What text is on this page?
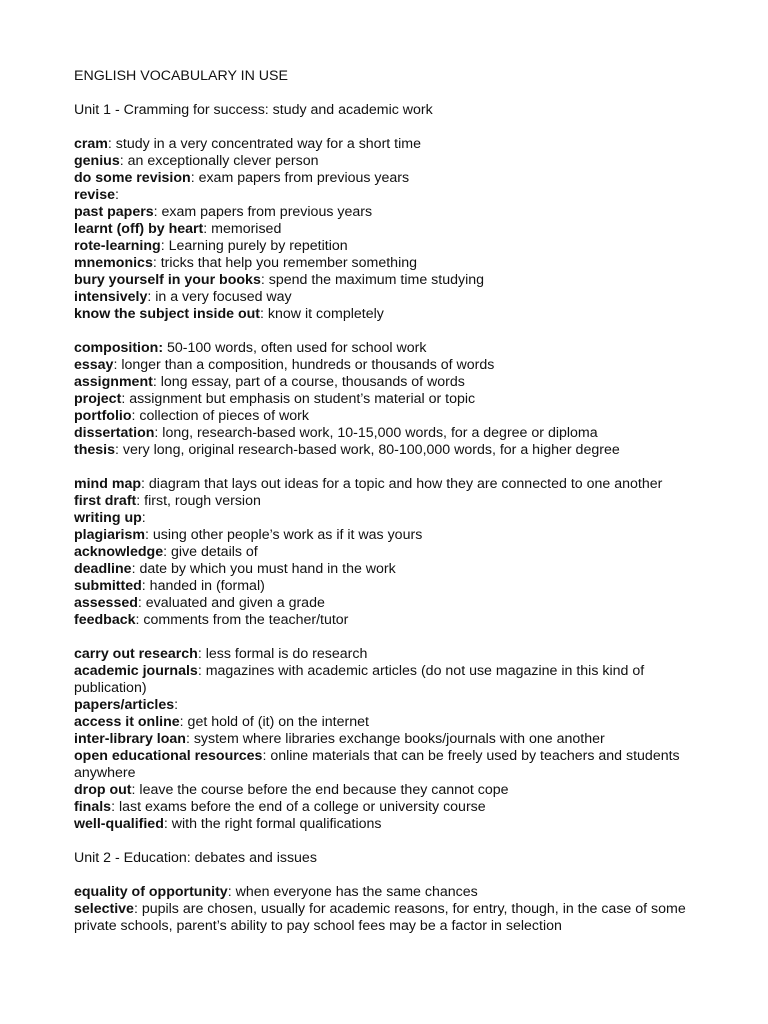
ENGLISH VOCABULARY IN USE
Unit 1 - Cramming for success: study and academic work

cram: study in a very concentrated way for a short time

genius: an exceptionally clever person

do some revision: exam papers from previous years

revise:

past papers: exam papers from previous years

learnt (off) by heart: memorised

rote-learning: Learning purely by repetition

mnemonics: tricks that help you remember something

bury yourself in your books: spend the maximum time studying

intensively: in a very focused way

know the subject inside out: know it completely

composition: 50-100 words, often used for school work

essay: longer than a composition, hundreds or thousands of words

assignment: long essay, part of a course, thousands of words

project: assignment but emphasis on student’s material or topic

portfolio: collection of pieces of work

dissertation: long, research-based work, 10-15,000 words, for a degree or diploma

thesis: very long, original research-based work, 80-100,000 words, for a higher degree

mind map: diagram that lays out ideas for a topic and how they are connected to one another

first draft: first, rough version

writing up:

plagiarism: using other people’s work as if it was yours

acknowledge: give details of

deadline: date by which you must hand in the work

submitted: handed in (formal)

assessed: evaluated and given a grade

feedback: comments from the teacher/tutor

carry out research: less formal is do research

academic journals: magazines with academic articles (do not use magazine in this kind of publication)

papers/articles:

access it online: get hold of (it) on the internet

inter-library loan: system where libraries exchange books/journals with one another

open educational resources: online materials that can be freely used by teachers and students anywhere

drop out: leave the course before the end because they cannot cope

finals: last exams before the end of a college or university course

well-qualified: with the right formal qualifications

Unit 2 - Education: debates and issues

equality of opportunity: when everyone has the same chances

selective: pupils are chosen, usually for academic reasons, for entry, though, in the case of some private schools, parent’s ability to pay school fees may be a factor in selection
